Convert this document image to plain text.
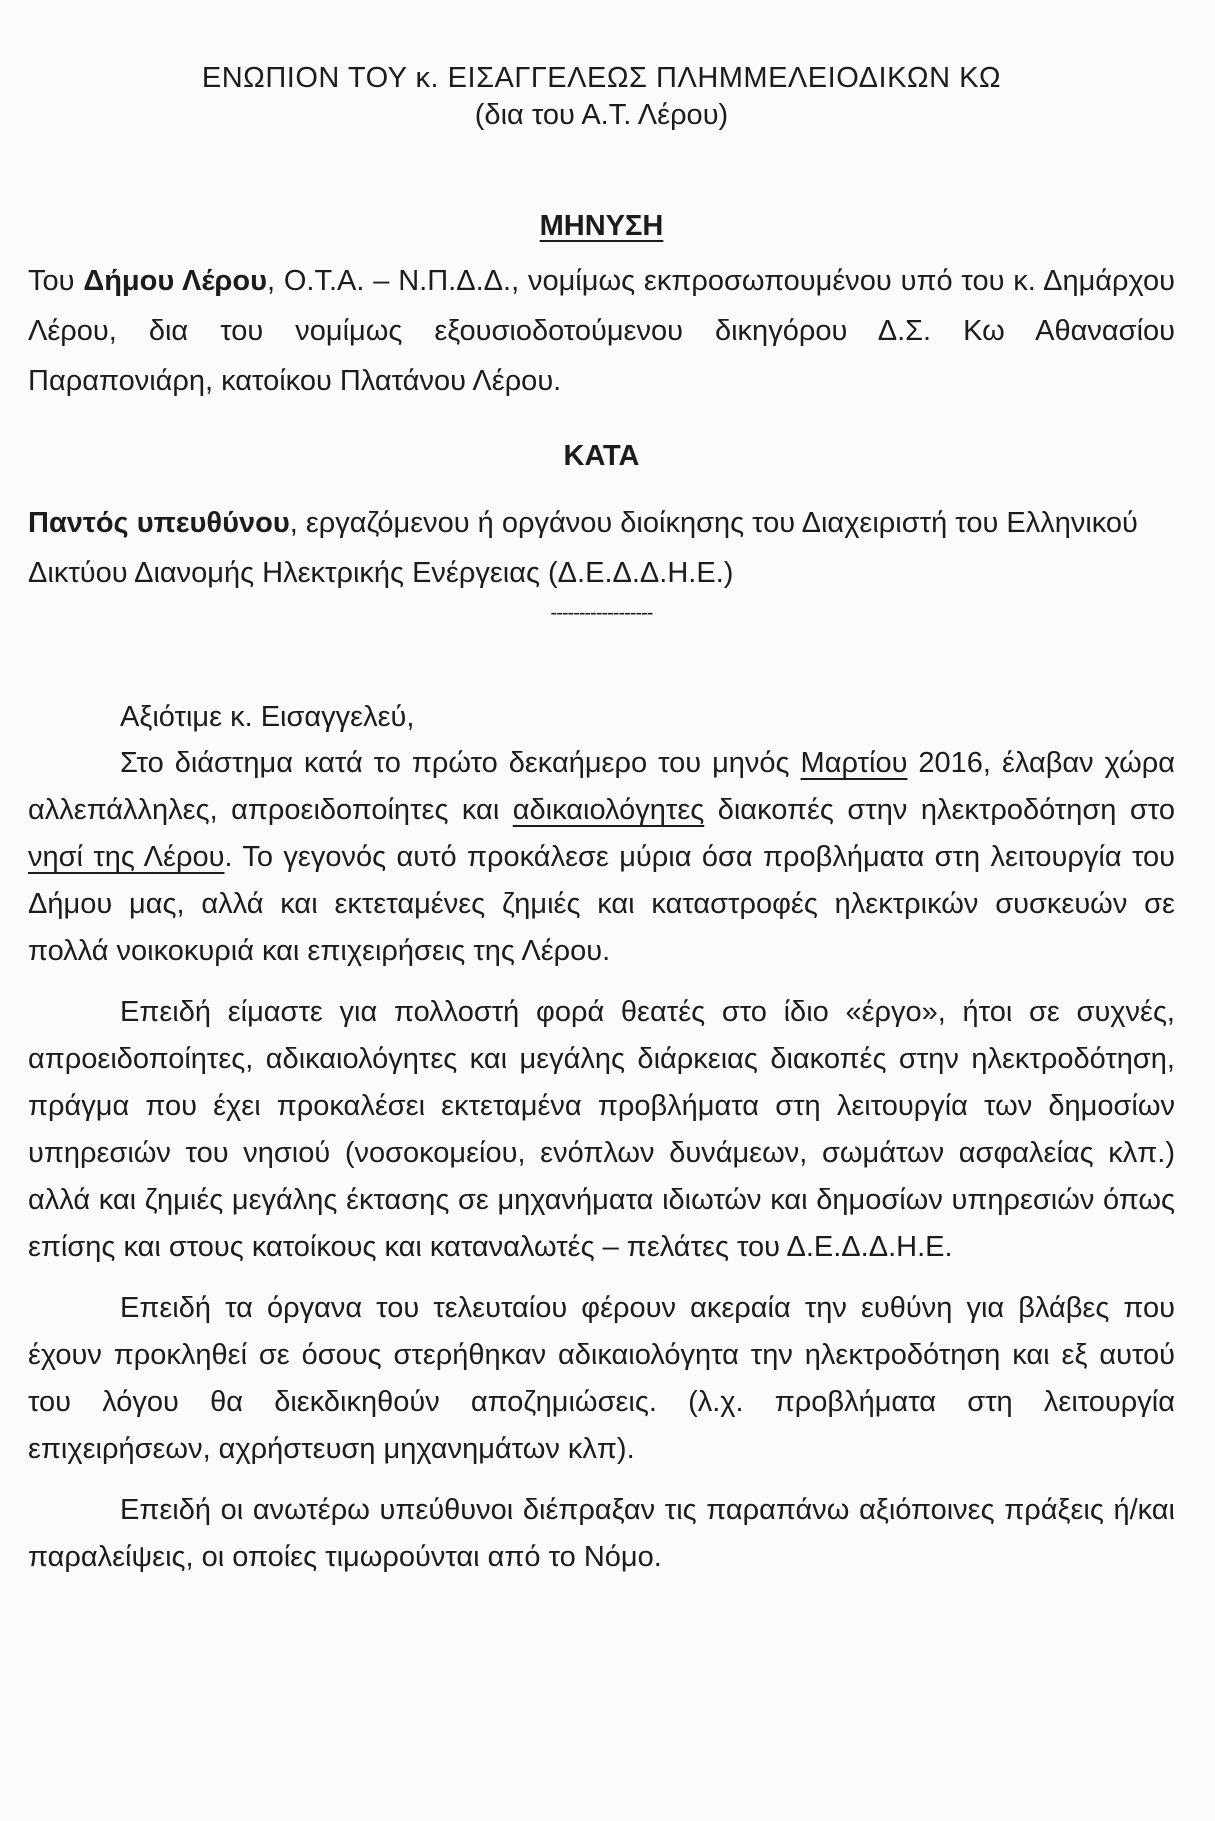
ΕΝΩΠΙΟΝ ΤΟΥ κ. ΕΙΣΑΓΓΕΛΕΩΣ ΠΛΗΜΜΕΛΕΙΟΔΙΚΩΝ ΚΩ
(δια του Α.Τ. Λέρου)
ΜΗΝΥΣΗ
Του Δήμου Λέρου, Ο.Τ.Α. – Ν.Π.Δ.Δ., νομίμως εκπροσωπουμένου υπό του κ. Δημάρχου Λέρου, δια του νομίμως εξουσιοδοτούμενου δικηγόρου Δ.Σ. Κω Αθανασίου Παραπονιάρη, κατοίκου Πλατάνου Λέρου.
ΚΑΤΑ
Παντός υπευθύνου, εργαζόμενου ή οργάνου διοίκησης του Διαχειριστή του Ελληνικού Δικτύου Διανομής Ηλεκτρικής Ενέργειας (Δ.Ε.Δ.Δ.Η.Ε.)
------------------
Αξιότιμε κ. Εισαγγελεύ,

Στο διάστημα κατά το πρώτο δεκαήμερο του μηνός Μαρτίου 2016, έλαβαν χώρα αλλεπάλληλες, απροειδοποίητες και αδικαιολόγητες διακοπές στην ηλεκτροδότηση στο νησί της Λέρου. Το γεγονός αυτό προκάλεσε μύρια όσα προβλήματα στη λειτουργία του Δήμου μας, αλλά και εκτεταμένες ζημιές και καταστροφές ηλεκτρικών συσκευών σε πολλά νοικοκυριά και επιχειρήσεις της Λέρου.

Επειδή είμαστε για πολλοστή φορά θεατές στο ίδιο «έργο», ήτοι σε συχνές, απροειδοποίητες, αδικαιολόγητες και μεγάλης διάρκειας διακοπές στην ηλεκτροδότηση, πράγμα που έχει προκαλέσει εκτεταμένα προβλήματα στη λειτουργία των δημοσίων υπηρεσιών του νησιού (νοσοκομείου, ενόπλων δυνάμεων, σωμάτων ασφαλείας κλπ.) αλλά και ζημιές μεγάλης έκτασης σε μηχανήματα ιδιωτών και δημοσίων υπηρεσιών όπως επίσης και στους κατοίκους και καταναλωτές – πελάτες του Δ.Ε.Δ.Δ.Η.Ε.

Επειδή τα όργανα του τελευταίου φέρουν ακεραία την ευθύνη για βλάβες που έχουν προκληθεί σε όσους στερήθηκαν αδικαιολόγητα την ηλεκτροδότηση και εξ αυτού του λόγου θα διεκδικηθούν αποζημιώσεις. (λ.χ. προβλήματα στη λειτουργία επιχειρήσεων, αχρήστευση μηχανημάτων κλπ).

Επειδή οι ανωτέρω υπεύθυνοι διέπραξαν τις παραπάνω αξιόποινες πράξεις ή/και παραλείψεις, οι οποίες τιμωρούνται από το Νόμο.
